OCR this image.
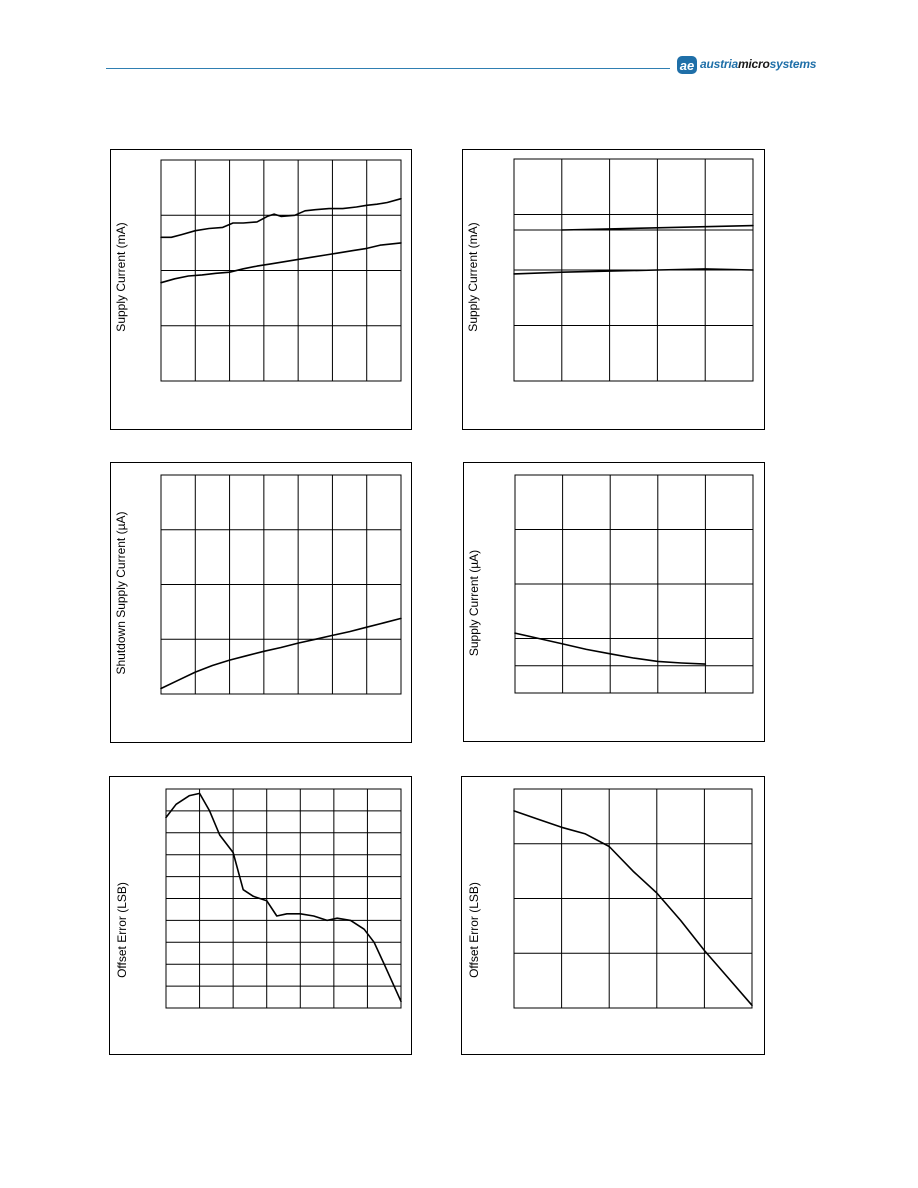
ae austriamicrosystems
Supply Current (mA)	Supply Current (mA)
Shutdown Supply Current (µA)	Supply Current (µA)
Offset Error (LSB)	Offset Error (LSB)
